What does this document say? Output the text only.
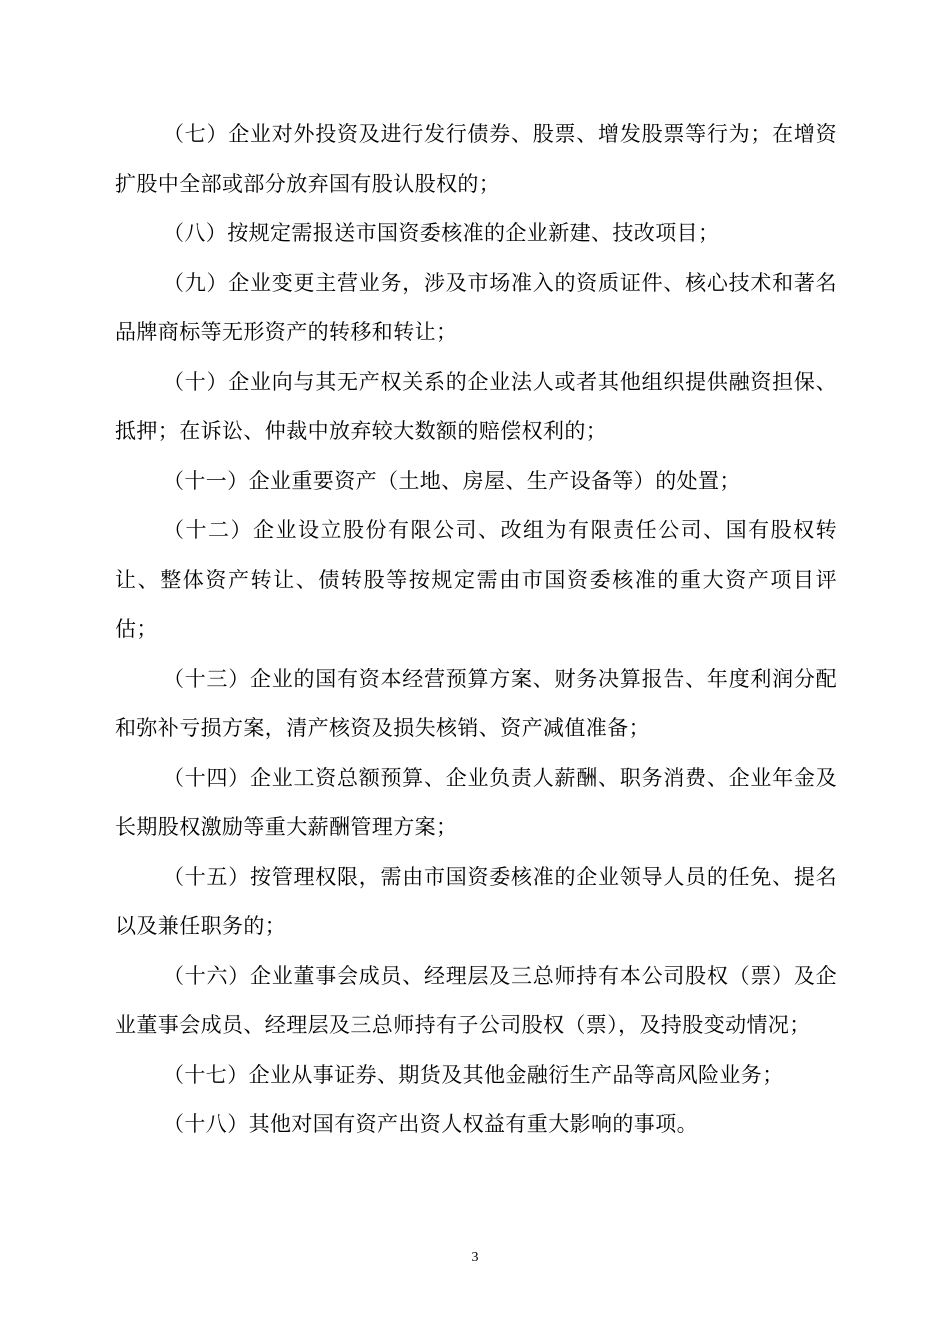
（七）企业对外投资及进行发行债券、股票、增发股票等行为；在增资扩股中全部或部分放弃国有股认股权的；

（八）按规定需报送市国资委核准的企业新建、技改项目；

（九）企业变更主营业务，涉及市场准入的资质证件、核心技术和著名品牌商标等无形资产的转移和转让；

（十）企业向与其无产权关系的企业法人或者其他组织提供融资担保、抵押；在诉讼、仲裁中放弃较大数额的赔偿权利的；

（十一）企业重要资产（土地、房屋、生产设备等）的处置；

（十二）企业设立股份有限公司、改组为有限责任公司、国有股权转让、整体资产转让、债转股等按规定需由市国资委核准的重大资产项目评估；

（十三）企业的国有资本经营预算方案、财务决算报告、年度利润分配和弥补亏损方案，清产核资及损失核销、资产减值准备；

（十四）企业工资总额预算、企业负责人薪酬、职务消费、企业年金及长期股权激励等重大薪酬管理方案；

（十五）按管理权限，需由市国资委核准的企业领导人员的任免、提名以及兼任职务的；

（十六）企业董事会成员、经理层及三总师持有本公司股权（票）及企业董事会成员、经理层及三总师持有子公司股权（票），及持股变动情况；

（十七）企业从事证券、期货及其他金融衍生产品等高风险业务；

（十八）其他对国有资产出资人权益有重大影响的事项。

3
